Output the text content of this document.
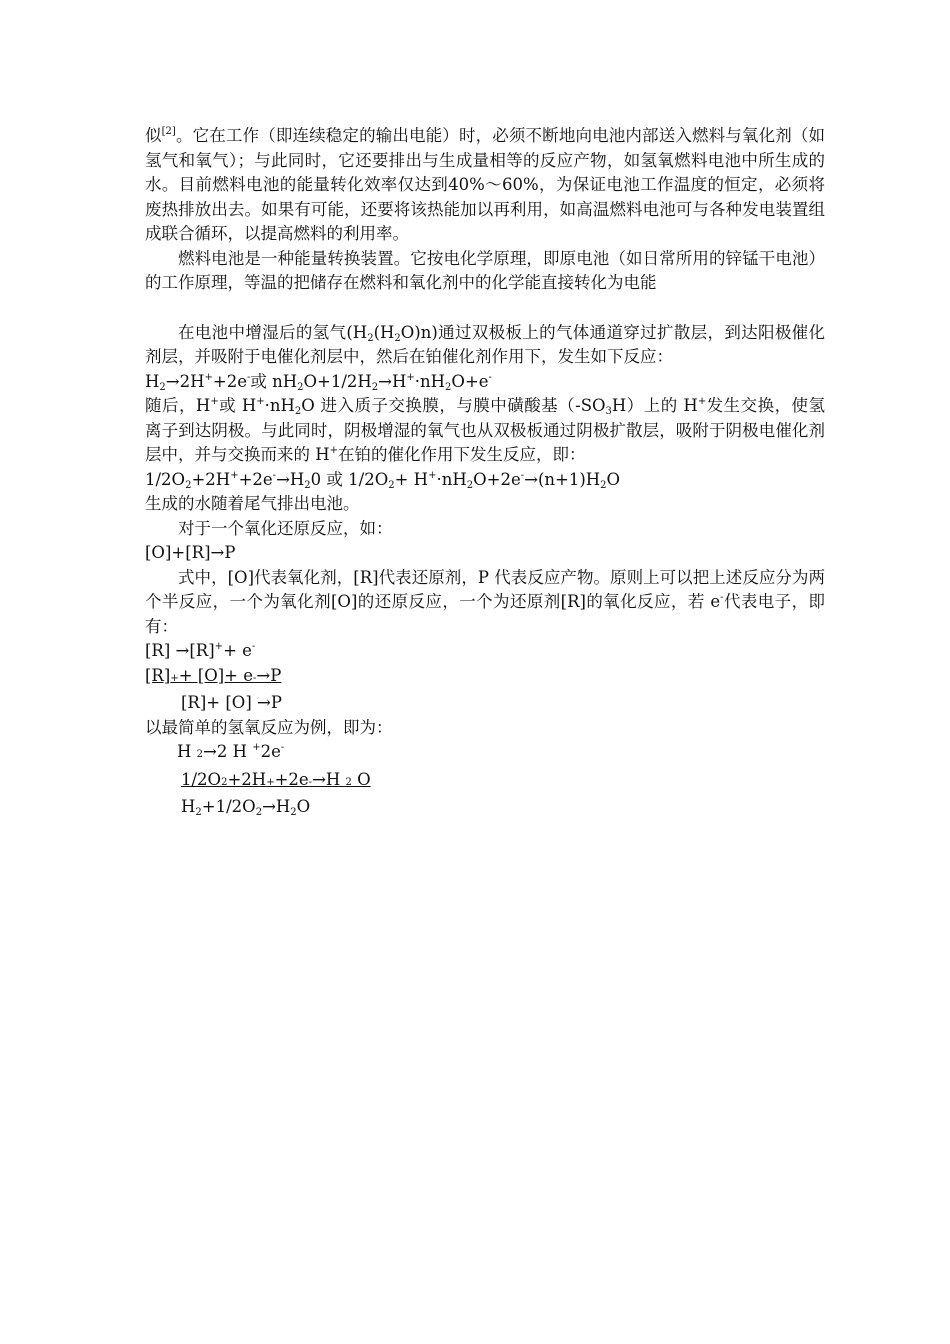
似[2]。它在工作（即连续稳定的输出电能）时，必须不断地向电池内部送入燃料与氧化剂（如氢气和氧气）；与此同时，它还要排出与生成量相等的反应产物，如氢氧燃料电池中所生成的水。目前燃料电池的能量转化效率仅达到40%～60%，为保证电池工作温度的恒定，必须将废热排放出去。如果有可能，还要将该热能加以再利用，如高温燃料电池可与各种发电装置组成联合循环，以提高燃料的利用率。

燃料电池是一种能量转换装置。它按电化学原理，即原电池（如日常所用的锌锰干电池）的工作原理，等温的把储存在燃料和氧化剂中的化学能直接转化为电能

在电池中增湿后的氢气$(H_2(H_2O)n)$通过双极板上的气体通道穿过扩散层，到达阳极催化剂层，并吸附于电催化剂层中，然后在铂催化剂作用下，发生如下反应：

$H_2\to 2H^++2e^-$或 $nH_2O+1/2H_2\to H^+\cdot nH_2O+e^-$

随后，H+或 $H^+\cdot nH_2O$ 进入质子交换膜，与膜中磺酸基$(-SO_3H)$上的 H+发生交换，使氢离子到达阴极。与此同时，阴极增湿的氧气也从双极板通过阴极扩散层，吸附于阴极电催化剂层中，并与交换而来的 H+在铂的催化作用下发生反应，即：

$1/2O_2+2H^++2e^-\to H_20$ 或 $1/2O_2+ H^+\cdot nH_2O+2e^-\to(n+1)H_2O$

生成的水随着尾气排出电池。

对于一个氧化还原反应，如：

[O]+[R]→P

式中，[O]代表氧化剂，[R]代表还原剂，P 代表反应产物。原则上可以把上述反应分为两个半反应，一个为氧化剂[O]的还原反应，一个为还原剂[R]的氧化反应，若 e-代表电子，即有：

[R] →[R]++ e-

[R]++ [O]+ e-→P

[R]+ [O] →P

以最简单的氢氧反应为例，即为：

H 2→2 H +2e-

1/2O2+2H++2e-→H 2 O

$H_2+1/2O_2\to H_2O$
